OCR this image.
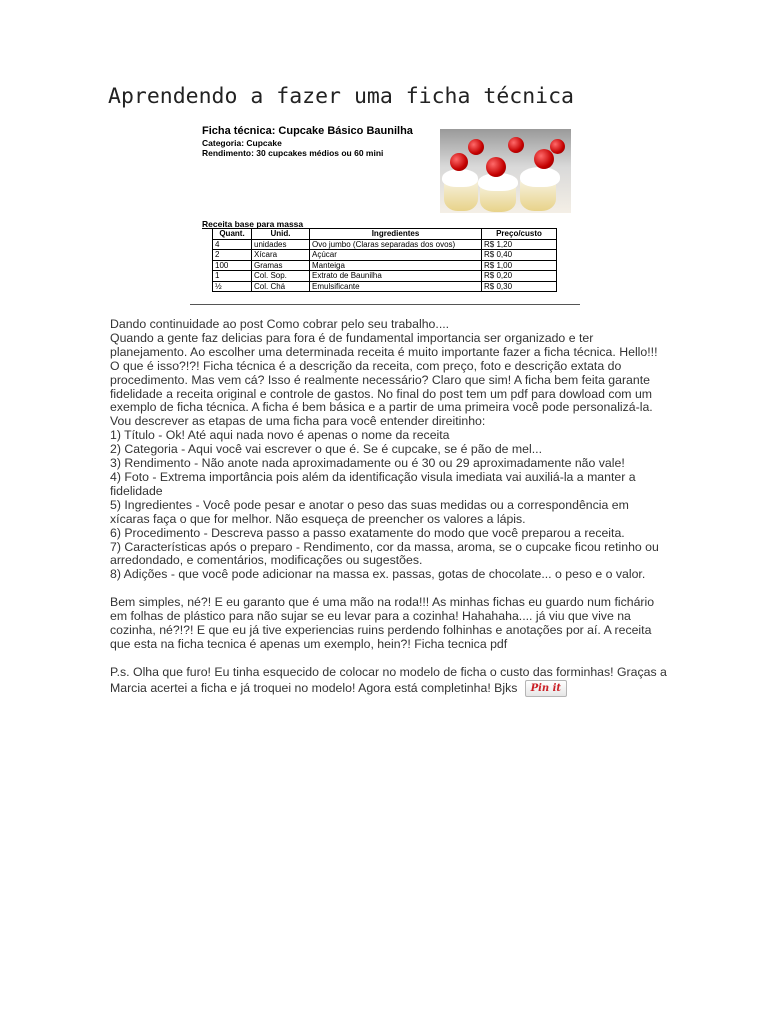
Aprendendo a fazer uma ficha técnica
Ficha técnica: Cupcake Básico Baunilha
Categoria: Cupcake
Rendimento: 30 cupcakes médios ou 60 mini
Receita base para massa
Quant.	Unid.	Ingredientes	Preço/custo
4	unidades	Ovo jumbo (Claras separadas dos ovos)	R$ 1,20
2	Xícara	Açúcar	R$ 0,40
100	Gramas	Manteiga	R$ 1,00
1	Col. Sop.	Extrato de Baunilha	R$ 0,20
½	Col. Chá	Emulsificante	R$ 0,30

Dando continuidade ao post Como cobrar pelo seu trabalho....
Quando a gente faz delicias para fora é de fundamental importancia ser organizado e ter planejamento. Ao escolher uma determinada receita é muito importante fazer a ficha técnica. Hello!!! O que é isso?!?! Ficha técnica é a descrição da receita, com preço, foto e descrição extata do procedimento. Mas vem cá? Isso é realmente necessário? Claro que sim! A ficha bem feita garante fidelidade a receita original e controle de gastos. No final do post tem um pdf para dowload com um exemplo de ficha técnica. A ficha é bem básica e a partir de uma primeira você pode personalizá-la. Vou descrever as etapas de uma ficha para você entender direitinho:
1) Título - Ok! Até aqui nada novo é apenas o nome da receita
2) Categoria - Aqui você vai escrever o que é. Se é cupcake, se é pão de mel...
3) Rendimento - Não anote nada aproximadamente ou é 30 ou 29 aproximadamente não vale!
4) Foto - Extrema importância pois além da identificação visula imediata vai auxiliá-la a manter a fidelidade
5) Ingredientes - Você pode pesar e anotar o peso das suas medidas ou a correspondência em xícaras faça o que for melhor. Não esqueça de preencher os valores a lápis.
6) Procedimento - Descreva passo a passo exatamente do modo que você preparou a receita.
7) Características após o preparo - Rendimento, cor da massa, aroma, se o cupcake ficou retinho ou arredondado, e comentários, modificações ou sugestões.
8) Adições - que você pode adicionar na massa ex. passas, gotas de chocolate... o peso e o valor.

Bem simples, né?! E eu garanto que é uma mão na roda!!! As minhas fichas eu guardo num fichário em folhas de plástico para não sujar se eu levar para a cozinha! Hahahaha.... já viu que vive na cozinha, né?!?! E que eu já tive experiencias ruins perdendo folhinhas e anotações por aí. A receita que esta na ficha tecnica é apenas um exemplo, hein?! Ficha tecnica pdf

P.s. Olha que furo! Eu tinha esquecido de colocar no modelo de ficha o custo das forminhas! Graças a Marcia acertei a ficha e já troquei no modelo! Agora está completinha! Bjks Pin it
